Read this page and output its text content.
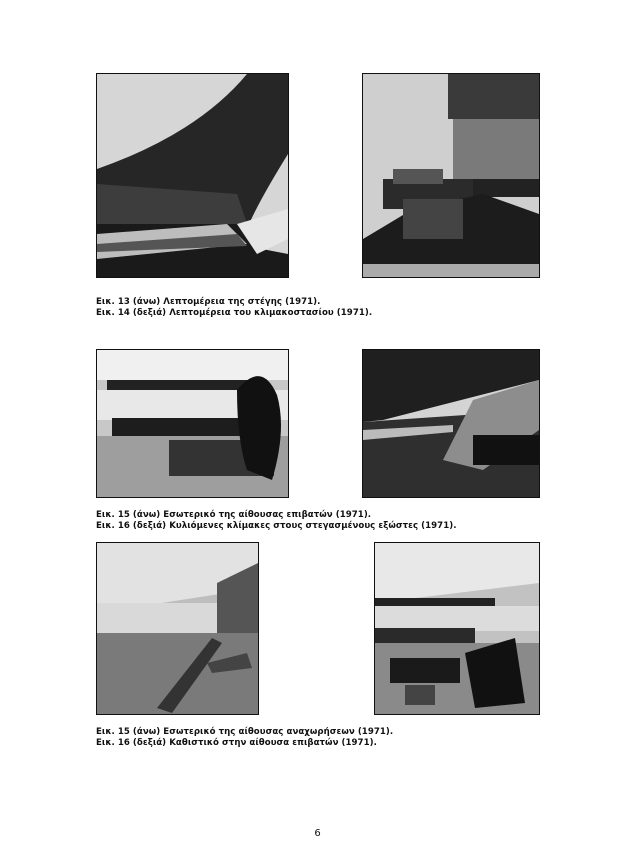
Εικ. 13 (άνω) Λεπτομέρεια της στέγης (1971).
Εικ. 14 (δεξιά) Λεπτομέρεια του κλιμακοστασίου (1971).
Εικ. 15 (άνω) Εσωτερικό της αίθουσας επιβατών (1971).
Εικ. 16 (δεξιά) Κυλιόμενες κλίμακες στους στεγασμένους εξώστες (1971).
Εικ. 15 (άνω) Εσωτερικό της αίθουσας αναχωρήσεων (1971).
Εικ. 16 (δεξιά) Καθιστικό στην αίθουσα επιβατών (1971).
6
